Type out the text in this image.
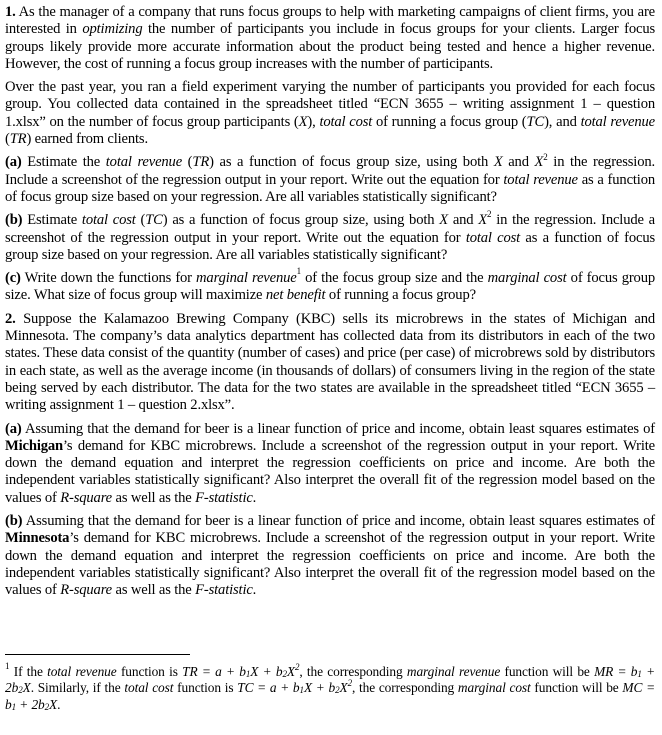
1. As the manager of a company that runs focus groups to help with marketing campaigns of client firms, you are interested in optimizing the number of participants you include in focus groups for your clients. Larger focus groups likely provide more accurate information about the product being tested and hence a higher revenue. However, the cost of running a focus group increases with the number of participants.

Over the past year, you ran a field experiment varying the number of participants you provided for each focus group. You collected data contained in the spreadsheet titled “ECN 3655 – writing assignment 1 – question 1.xlsx” on the number of focus group participants (X), total cost of running a focus group (TC), and total revenue (TR) earned from clients.

(a) Estimate the total revenue (TR) as a function of focus group size, using both X and $X^2$ in the regression. Include a screenshot of the regression output in your report. Write out the equation for total revenue as a function of focus group size based on your regression. Are all variables statistically significant?

(b) Estimate total cost (TC) as a function of focus group size, using both X and $X^2$ in the regression. Include a screenshot of the regression output in your report. Write out the equation for total cost as a function of focus group size based on your regression. Are all variables statistically significant?

(c) Write down the functions for marginal revenue$^1$ of the focus group size and the marginal cost of focus group size. What size of focus group will maximize net benefit of running a focus group?

2. Suppose the Kalamazoo Brewing Company (KBC) sells its microbrews in the states of Michigan and Minnesota. The company’s data analytics department has collected data from its distributors in each of the two states. These data consist of the quantity (number of cases) and price (per case) of microbrews sold by distributors in each state, as well as the average income (in thousands of dollars) of consumers living in the region of the state being served by each distributor. The data for the two states are available in the spreadsheet titled “ECN 3655 – writing assignment 1 – question 2.xlsx”.

(a) Assuming that the demand for beer is a linear function of price and income, obtain least squares estimates of Michigan’s demand for KBC microbrews. Include a screenshot of the regression output in your report. Write down the demand equation and interpret the regression coefficients on price and income. Are both the independent variables statistically significant? Also interpret the overall fit of the regression model based on the values of R-square as well as the F-statistic.

(b) Assuming that the demand for beer is a linear function of price and income, obtain least squares estimates of Minnesota’s demand for KBC microbrews. Include a screenshot of the regression output in your report. Write down the demand equation and interpret the regression coefficients on price and income. Are both the independent variables statistically significant? Also interpret the overall fit of the regression model based on the values of R-square as well as the F-statistic.

$^1$ If the total revenue function is TR = $a + b_1X + b_2X^2$, the corresponding marginal revenue function will be MR = $b_1 + 2b_2X$. Similarly, if the total cost function is TC = $a + b_1X + b_2X^2$, the corresponding marginal cost function will be MC = $b_1 + 2b_2X$.
